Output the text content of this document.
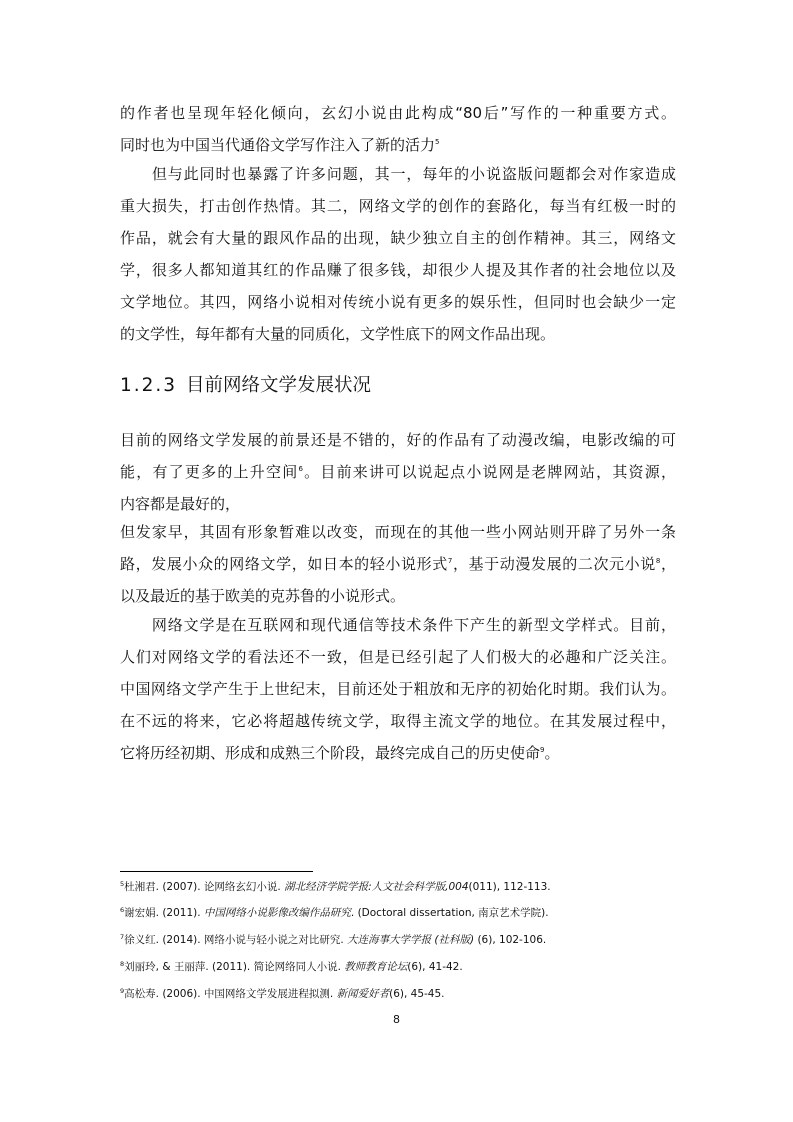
的作者也呈现年轻化倾向，玄幻小说由此构成“80后”写作的一种重要方式。
同时也为中国当代通俗文学写作注入了新的活力$^5$
　　但与此同时也暴露了许多问题，其一，每年的小说盗版问题都会对作家造成
重大损失，打击创作热情。其二，网络文学的创作的套路化，每当有红极一时的
作品，就会有大量的跟风作品的出现，缺少独立自主的创作精神。其三，网络文
学，很多人都知道其红的作品赚了很多钱，却很少人提及其作者的社会地位以及
文学地位。其四，网络小说相对传统小说有更多的娱乐性，但同时也会缺少一定
的文学性，每年都有大量的同质化，文学性底下的网文作品出现。
1.2.3 目前网络文学发展状况
目前的网络文学发展的前景还是不错的，好的作品有了动漫改编，电影改编的可
能，有了更多的上升空间$^6$。目前来讲可以说起点小说网是老牌网站，其资源，
内容都是最好的，
但发家早，其固有形象暂难以改变，而现在的其他一些小网站则开辟了另外一条
路，发展小众的网络文学，如日本的轻小说形式$^7$，基于动漫发展的二次元小说$^8$，
以及最近的基于欧美的克苏鲁的小说形式。
　　网络文学是在互联网和现代通信等技术条件下产生的新型文学样式。目前，
人们对网络文学的看法还不一致，但是已经引起了人们极大的必趣和广泛关注。
中国网络文学产生于上世纪末，目前还处于粗放和无序的初始化时期。我们认为。
在不远的将来，它必将超越传统文学，取得主流文学的地位。在其发展过程中，
它将历经初期、形成和成熟三个阶段，最终完成自己的历史使命$^9$。

$^5$杜湘君. (2007). 论网络玄幻小说. 湖北经济学院学报:人文社会科学版,004(011), 112-113.

$^6$谢宏娟. (2011). 中国网络小说影像改编作品研究. (Doctoral dissertation, 南京艺术学院).

$^7$徐义红. (2014). 网络小说与轻小说之对比研究. 大连海事大学学报 (社科版) (6), 102-106.

$^8$刘丽玲, & 王丽萍. (2011). 简论网络同人小说. 教师教育论坛(6), 41-42.

$^9$高松寿. (2006). 中国网络文学发展进程拟测. 新闻爱好者(6), 45-45.

8
